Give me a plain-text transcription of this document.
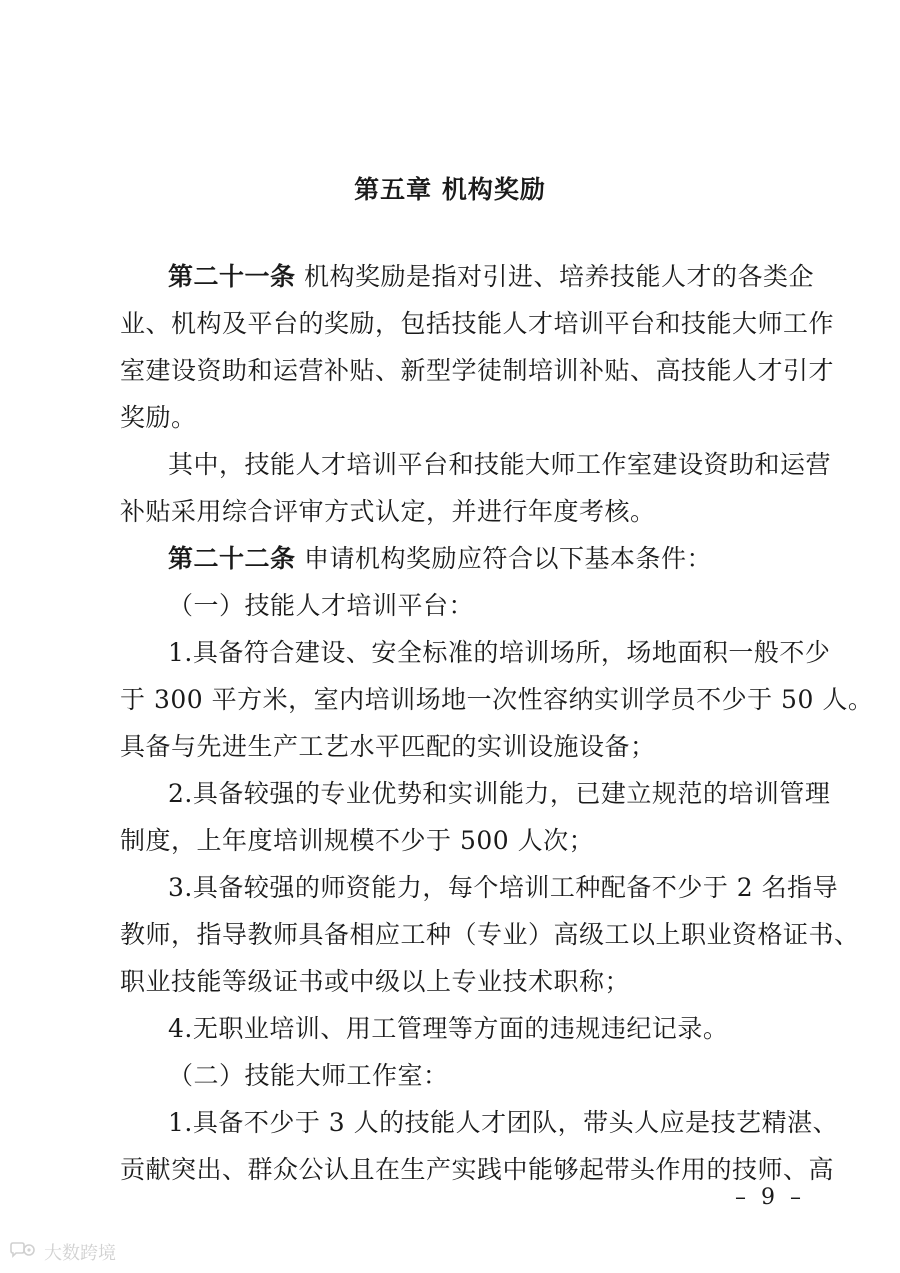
第五章 机构奖励
第二十一条 机构奖励是指对引进、培养技能人才的各类企
业、机构及平台的奖励，包括技能人才培训平台和技能大师工作
室建设资助和运营补贴、新型学徒制培训补贴、高技能人才引才
奖励。
其中，技能人才培训平台和技能大师工作室建设资助和运营
补贴采用综合评审方式认定，并进行年度考核。
第二十二条 申请机构奖励应符合以下基本条件：
（一）技能人才培训平台：
1.具备符合建设、安全标准的培训场所，场地面积一般不少
于 300 平方米，室内培训场地一次性容纳实训学员不少于 50 人。
具备与先进生产工艺水平匹配的实训设施设备；
2.具备较强的专业优势和实训能力，已建立规范的培训管理
制度，上年度培训规模不少于 500 人次；
3.具备较强的师资能力，每个培训工种配备不少于 2 名指导
教师，指导教师具备相应工种（专业）高级工以上职业资格证书、
职业技能等级证书或中级以上专业技术职称；
4.无职业培训、用工管理等方面的违规违纪记录。
（二）技能大师工作室：
1.具备不少于 3 人的技能人才团队，带头人应是技艺精湛、
贡献突出、群众公认且在生产实践中能够起带头作用的技师、高
– 9 –
大数跨境
